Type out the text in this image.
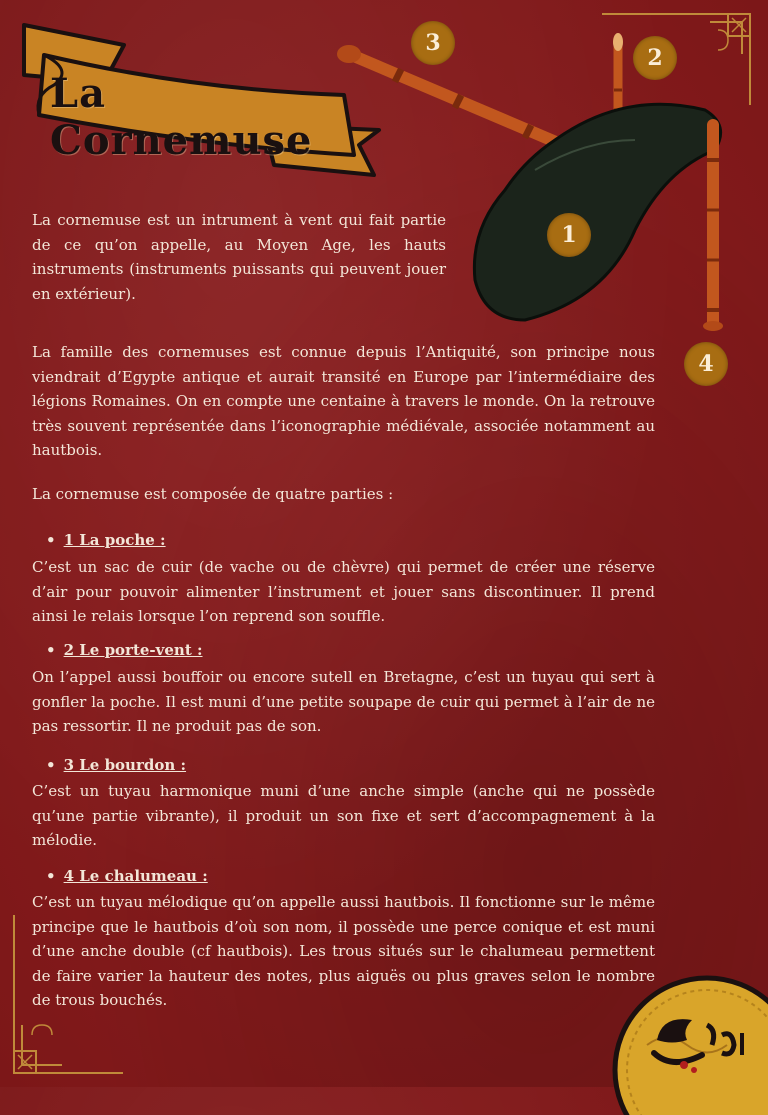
La Cornemuse
3
2
1
4
La cornemuse est un intrument à vent qui fait partie de ce qu’on appelle, au Moyen Age, les hauts instruments (instruments puissants qui peuvent jouer en extérieur).
La famille des cornemuses est connue depuis l’Antiquité, son principe nous viendrait d’Egypte antique et aurait transité en Europe par l’intermédiaire des légions Romaines. On en compte une centaine à travers le monde. On la retrouve très souvent représentée dans l’iconographie médiévale, associée notamment au hautbois.
La cornemuse est composée de quatre parties :
• 1 La poche :
C’est un sac de cuir (de vache ou de chèvre) qui permet de créer une réserve d’air pour pouvoir alimenter l’instrument et jouer sans discontinuer. Il prend ainsi le relais lorsque l’on reprend son souffle.
• 2 Le porte-vent :
On l’appel aussi bouffoir ou encore sutell en Bretagne, c’est un tuyau qui sert à gonfler la poche. Il est muni d’une petite soupape de cuir qui permet à l’air de ne pas ressortir. Il ne produit pas de son.
• 3 Le bourdon :
C’est un tuyau harmonique muni d’une anche simple (anche qui ne possède qu’une partie vibrante), il produit un son fixe et sert d’accompagnement à la mélodie.
• 4 Le chalumeau :
C’est un tuyau mélodique qu’on appelle aussi hautbois. Il fonctionne sur le même principe que le hautbois d’où son nom, il possède une perce conique et est muni d’une anche double (cf hautbois). Les trous situés sur le chalumeau permettent de faire varier la hauteur des notes, plus aiguës ou plus graves selon le nombre de trous bouchés.
